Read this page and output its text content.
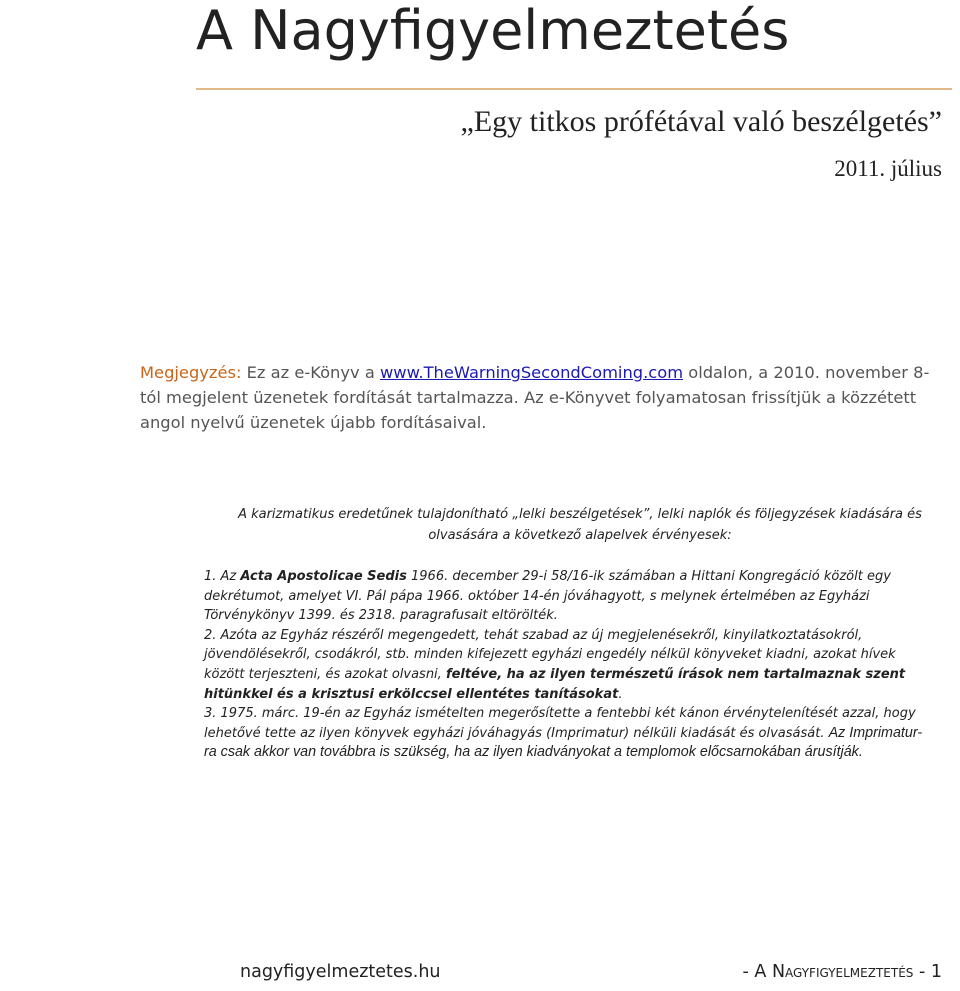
A Nagyfigyelmeztetés
„Egy titkos prófétával való beszélgetés”
2011. július
Megjegyzés: Ez az e-Könyv a www.TheWarningSecondComing.com oldalon, a 2010. november 8-tól megjelent üzenetek fordítását tartalmazza. Az e-Könyvet folyamatosan frissítjük a közzétett angol nyelvű üzenetek újabb fordításaival.
A karizmatikus eredetűnek tulajdonítható „lelki beszélgetések”, lelki naplók és följegyzések kiadására és olvasására a következő alapelvek érvényesek:

1. Az Acta Apostolicae Sedis 1966. december 29-i 58/16-ik számában a Hittani Kongregáció közölt egy dekrétumot, amelyet VI. Pál pápa 1966. október 14-én jóváhagyott, s melynek értelmében az Egyházi Törvénykönyv 1399. és 2318. paragrafusait eltörölték.

2. Azóta az Egyház részéről megengedett, tehát szabad az új megjelenésekről, kinyilatkoztatásokról, jövendölésekről, csodákról, stb. minden kifejezett egyházi engedély nélkül könyveket kiadni, azokat hívek között terjeszteni, és azokat olvasni, feltéve, ha az ilyen természetű írások nem tartalmaznak szent hitünkkel és a krisztusi erkölccsel ellentétes tanításokat.

3. 1975. márc. 19-én az Egyház ismételten megerősítette a fentebbi két kánon érvénytelenítését azzal, hogy lehetővé tette az ilyen könyvek egyházi jóváhagyás (Imprimatur) nélküli kiadását és olvasását. Az Imprimatur-ra csak akkor van továbbra is szükség, ha az ilyen kiadványokat a templomok előcsarnokában árusítják.

nagyfigyelmeztetes.hu	- A Nagyfigyelmeztetés - 1
